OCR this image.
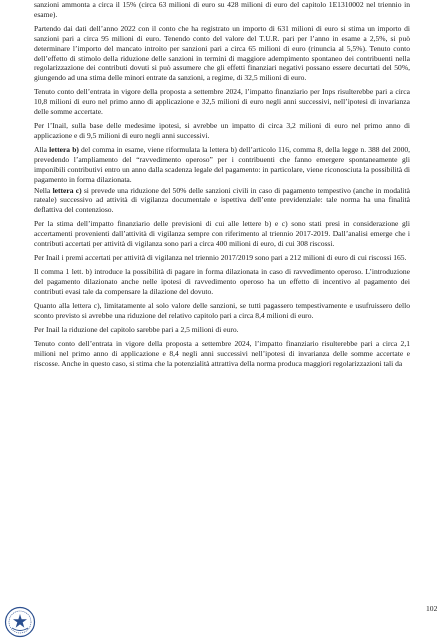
sanzioni ammonta a circa il 15% (circa 63 milioni di euro su 428 milioni di euro del capitolo 1E1310002 nel triennio in esame).

Partendo dai dati dell’anno 2022 con il conto che ha registrato un importo di 631 milioni di euro si stima un importo di sanzioni pari a circa 95 milioni di euro. Tenendo conto del valore del T.U.R. pari per l’anno in esame a 2,5%, si può determinare l’importo del mancato introito per sanzioni pari a circa 65 milioni di euro (rinuncia al 5,5%). Tenuto conto dell’effetto di stimolo della riduzione delle sanzioni in termini di maggiore adempimento spontaneo dei contribuenti nella regolarizzazione dei contributi dovuti si può assumere che gli effetti finanziari negativi possano essere decurtati del 50%, giungendo ad una stima delle minori entrate da sanzioni, a regime, di 32,5 milioni di euro.

Tenuto conto dell’entrata in vigore della proposta a settembre 2024, l’impatto finanziario per Inps risulterebbe pari a circa 10,8 milioni di euro nel primo anno di applicazione e 32,5 milioni di euro negli anni successivi, nell’ipotesi di invarianza delle somme accertate.

Per l’Inail, sulla base delle medesime ipotesi, si avrebbe un impatto di circa 3,2 milioni di euro nel primo anno di applicazione e di 9,5 milioni di euro negli anni successivi.

Alla lettera b) del comma in esame, viene riformulata la lettera b) dell’articolo 116, comma 8, della legge n. 388 del 2000, prevedendo l’ampliamento del “ravvedimento operoso” per i contribuenti che fanno emergere spontaneamente gli imponibili contributivi entro un anno dalla scadenza legale del pagamento: in particolare, viene riconosciuta la possibilità di pagamento in forma dilazionata.

Nella lettera c) si prevede una riduzione del 50% delle sanzioni civili in caso di pagamento tempestivo (anche in modalità rateale) successivo ad attività di vigilanza documentale e ispettiva dell’ente previdenziale: tale norma ha una finalità deflattiva del contenzioso.

Per la stima dell’impatto finanziario delle previsioni di cui alle lettere b) e c) sono stati presi in considerazione gli accertamenti provenienti dall’attività di vigilanza sempre con riferimento al triennio 2017-2019. Dall’analisi emerge che i contributi accertati per attività di vigilanza sono pari a circa 400 milioni di euro, di cui 308 riscossi.

Per Inail i premi accertati per attività di vigilanza nel triennio 2017/2019 sono pari a 212 milioni di euro di cui riscossi 165.

Il comma 1 lett. b) introduce la possibilità di pagare in forma dilazionata in caso di ravvedimento operoso. L’introduzione del pagamento dilazionato anche nelle ipotesi di ravvedimento operoso ha un effetto di incentivo al pagamento dei contributi evasi tale da compensare la dilazione del dovuto.

Quanto alla lettera c), limitatamente al solo valore delle sanzioni, se tutti pagassero tempestivamente e usufruissero dello sconto previsto si avrebbe una riduzione del relativo capitolo pari a circa 8,4 milioni di euro.

Per Inail la riduzione del capitolo sarebbe pari a 2,5 milioni di euro.

Tenuto conto dell’entrata in vigore della proposta a settembre 2024, l’impatto finanziario risulterebbe pari a circa 2,1 milioni nel primo anno di applicazione e 8,4 negli anni successivi nell’ipotesi di invarianza delle somme accertate e riscosse. Anche in questo caso, si stima che la potenzialità attrattiva della norma produca maggiori regolarizzazioni tali da

102
